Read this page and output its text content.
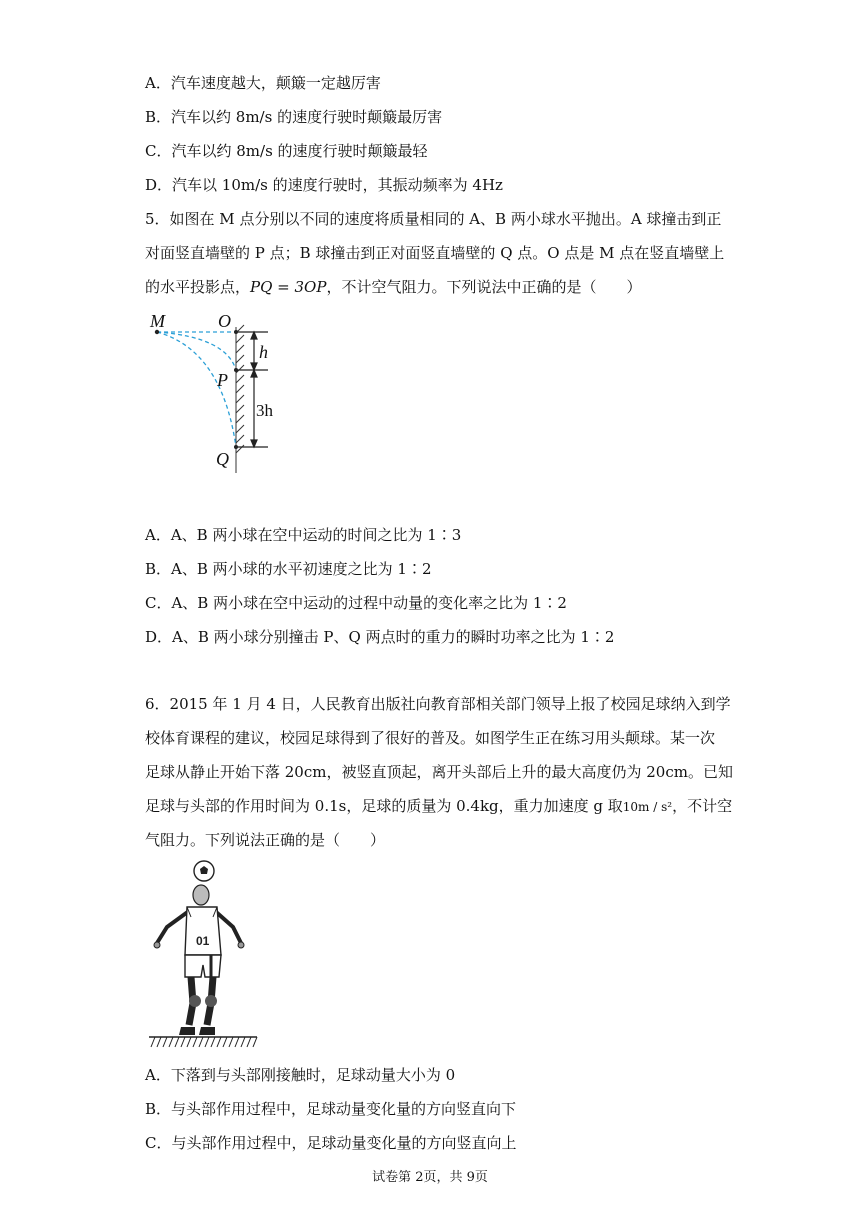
A．汽车速度越大，颠簸一定越厉害
B．汽车以约 8m/s 的速度行驶时颠簸最厉害
C．汽车以约 8m/s 的速度行驶时颠簸最轻
D．汽车以 10m/s 的速度行驶时，其振动频率为 4Hz
5．如图在 M 点分别以不同的速度将质量相同的 A、B 两小球水平抛出。A 球撞击到正
对面竖直墙壁的 P 点；B 球撞击到正对面竖直墙壁的 Q 点。O 点是 M 点在竖直墙壁上
的水平投影点，PQ = 3OP，不计空气阻力。下列说法中正确的是（　　）
M	O
P
Q
h
3h
A．A、B 两小球在空中运动的时间之比为 1∶3
B．A、B 两小球的水平初速度之比为 1∶2
C．A、B 两小球在空中运动的过程中动量的变化率之比为 1∶2
D．A、B 两小球分别撞击 P、Q 两点时的重力的瞬时功率之比为 1∶2
6．2015 年 1 月 4 日，人民教育出版社向教育部相关部门领导上报了校园足球纳入到学
校体育课程的建议，校园足球得到了很好的普及。如图学生正在练习用头颠球。某一次
足球从静止开始下落 20cm，被竖直顶起，离开头部后上升的最大高度仍为 20cm。已知
足球与头部的作用时间为 0.1s，足球的质量为 0.4kg，重力加速度 g 取10m / s²，不计空
气阻力。下列说法正确的是（　　）
01
A．下落到与头部刚接触时，足球动量大小为 0
B．与头部作用过程中，足球动量变化量的方向竖直向下
C．与头部作用过程中，足球动量变化量的方向竖直向上
试卷第 2页，共 9页
